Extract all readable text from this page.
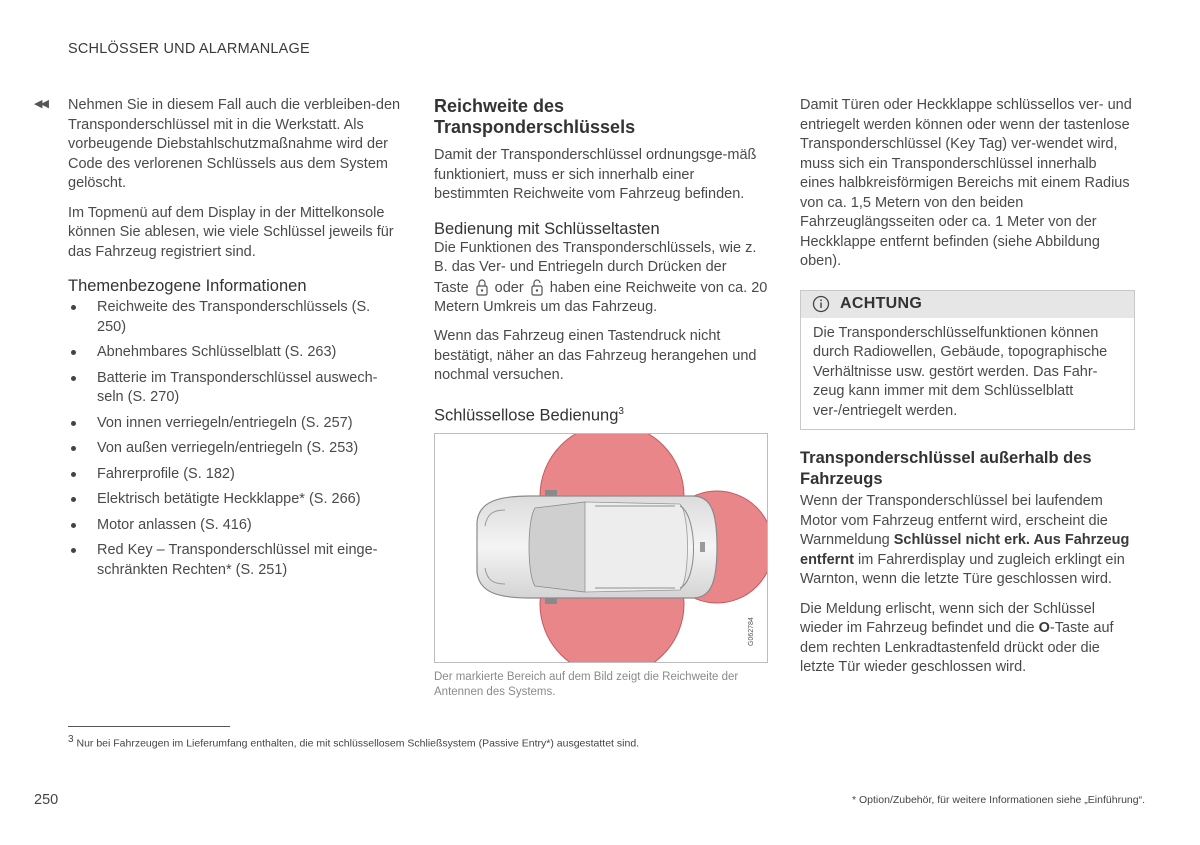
SCHLÖSSER UND ALARMANLAGE
◀◀ Nehmen Sie in diesem Fall auch die verbleiben-den Transponderschlüssel mit in die Werkstatt. Als vorbeugende Diebstahlschutzmaßnahme wird der Code des verlorenen Schlüssels aus dem System gelöscht.

Im Topmenü auf dem Display in der Mittelkonsole können Sie ablesen, wie viele Schlüssel jeweils für das Fahrzeug registriert sind.

Themenbezogene Informationen
Reichweite des Transponderschlüssels (S. 250)
Abnehmbares Schlüsselblatt (S. 263)
Batterie im Transponderschlüssel auswech-seln (S. 270)
Von innen verriegeln/entriegeln (S. 257)
Von außen verriegeln/entriegeln (S. 253)
Fahrerprofile (S. 182)
Elektrisch betätigte Heckklappe* (S. 266)
Motor anlassen (S. 416)
Red Key – Transponderschlüssel mit einge-schränkten Rechten* (S. 251)
Reichweite des Transponderschlüssels

Damit der Transponderschlüssel ordnungsge-mäß funktioniert, muss er sich innerhalb einer bestimmten Reichweite vom Fahrzeug befinden.

Bedienung mit Schlüsseltasten

Die Funktionen des Transponderschlüssels, wie z. B. das Ver- und Entriegeln durch Drücken der
Taste oder haben eine Reichweite von ca. 20 Metern Umkreis um das Fahrzeug.

Wenn das Fahrzeug einen Tastendruck nicht bestätigt, näher an das Fahrzeug herangehen und nochmal versuchen.

Schlüssellose Bedienung$^3$
G062784
Der markierte Bereich auf dem Bild zeigt die Reichweite der Antennen des Systems.

Damit Türen oder Heckklappe schlüssellos ver- und entriegelt werden können oder wenn der tastenlose Transponderschlüssel (Key Tag) ver-wendet wird, muss sich ein Transponderschlüssel innerhalb eines halbkreisförmigen Bereichs mit einem Radius von ca. 1,5 Metern von den beiden Fahrzeuglängsseiten oder ca. 1 Meter von der Heckklappe entfernt befinden (siehe Abbildung oben).

ACHTUNG

Die Transponderschlüsselfunktionen können durch Radiowellen, Gebäude, topographische Verhältnisse usw. gestört werden. Das Fahr-zeug kann immer mit dem Schlüsselblatt ver-/entriegelt werden.

Transponderschlüssel außerhalb des Fahrzeugs

Wenn der Transponderschlüssel bei laufendem Motor vom Fahrzeug entfernt wird, erscheint die Warnmeldung Schlüssel nicht erk. Aus Fahrzeug entfernt im Fahrerdisplay und zugleich erklingt ein Warnton, wenn die letzte Türe geschlossen wird.

Die Meldung erlischt, wenn sich der Schlüssel wieder im Fahrzeug befindet und die O-Taste auf dem rechten Lenkradtastenfeld drückt oder die letzte Tür wieder geschlossen wird.

$^3$ Nur bei Fahrzeugen im Lieferumfang enthalten, die mit schlüssellosem Schließsystem (Passive Entry*) ausgestattet sind.
250	* Option/Zubehör, für weitere Informationen siehe „Einführung“.
